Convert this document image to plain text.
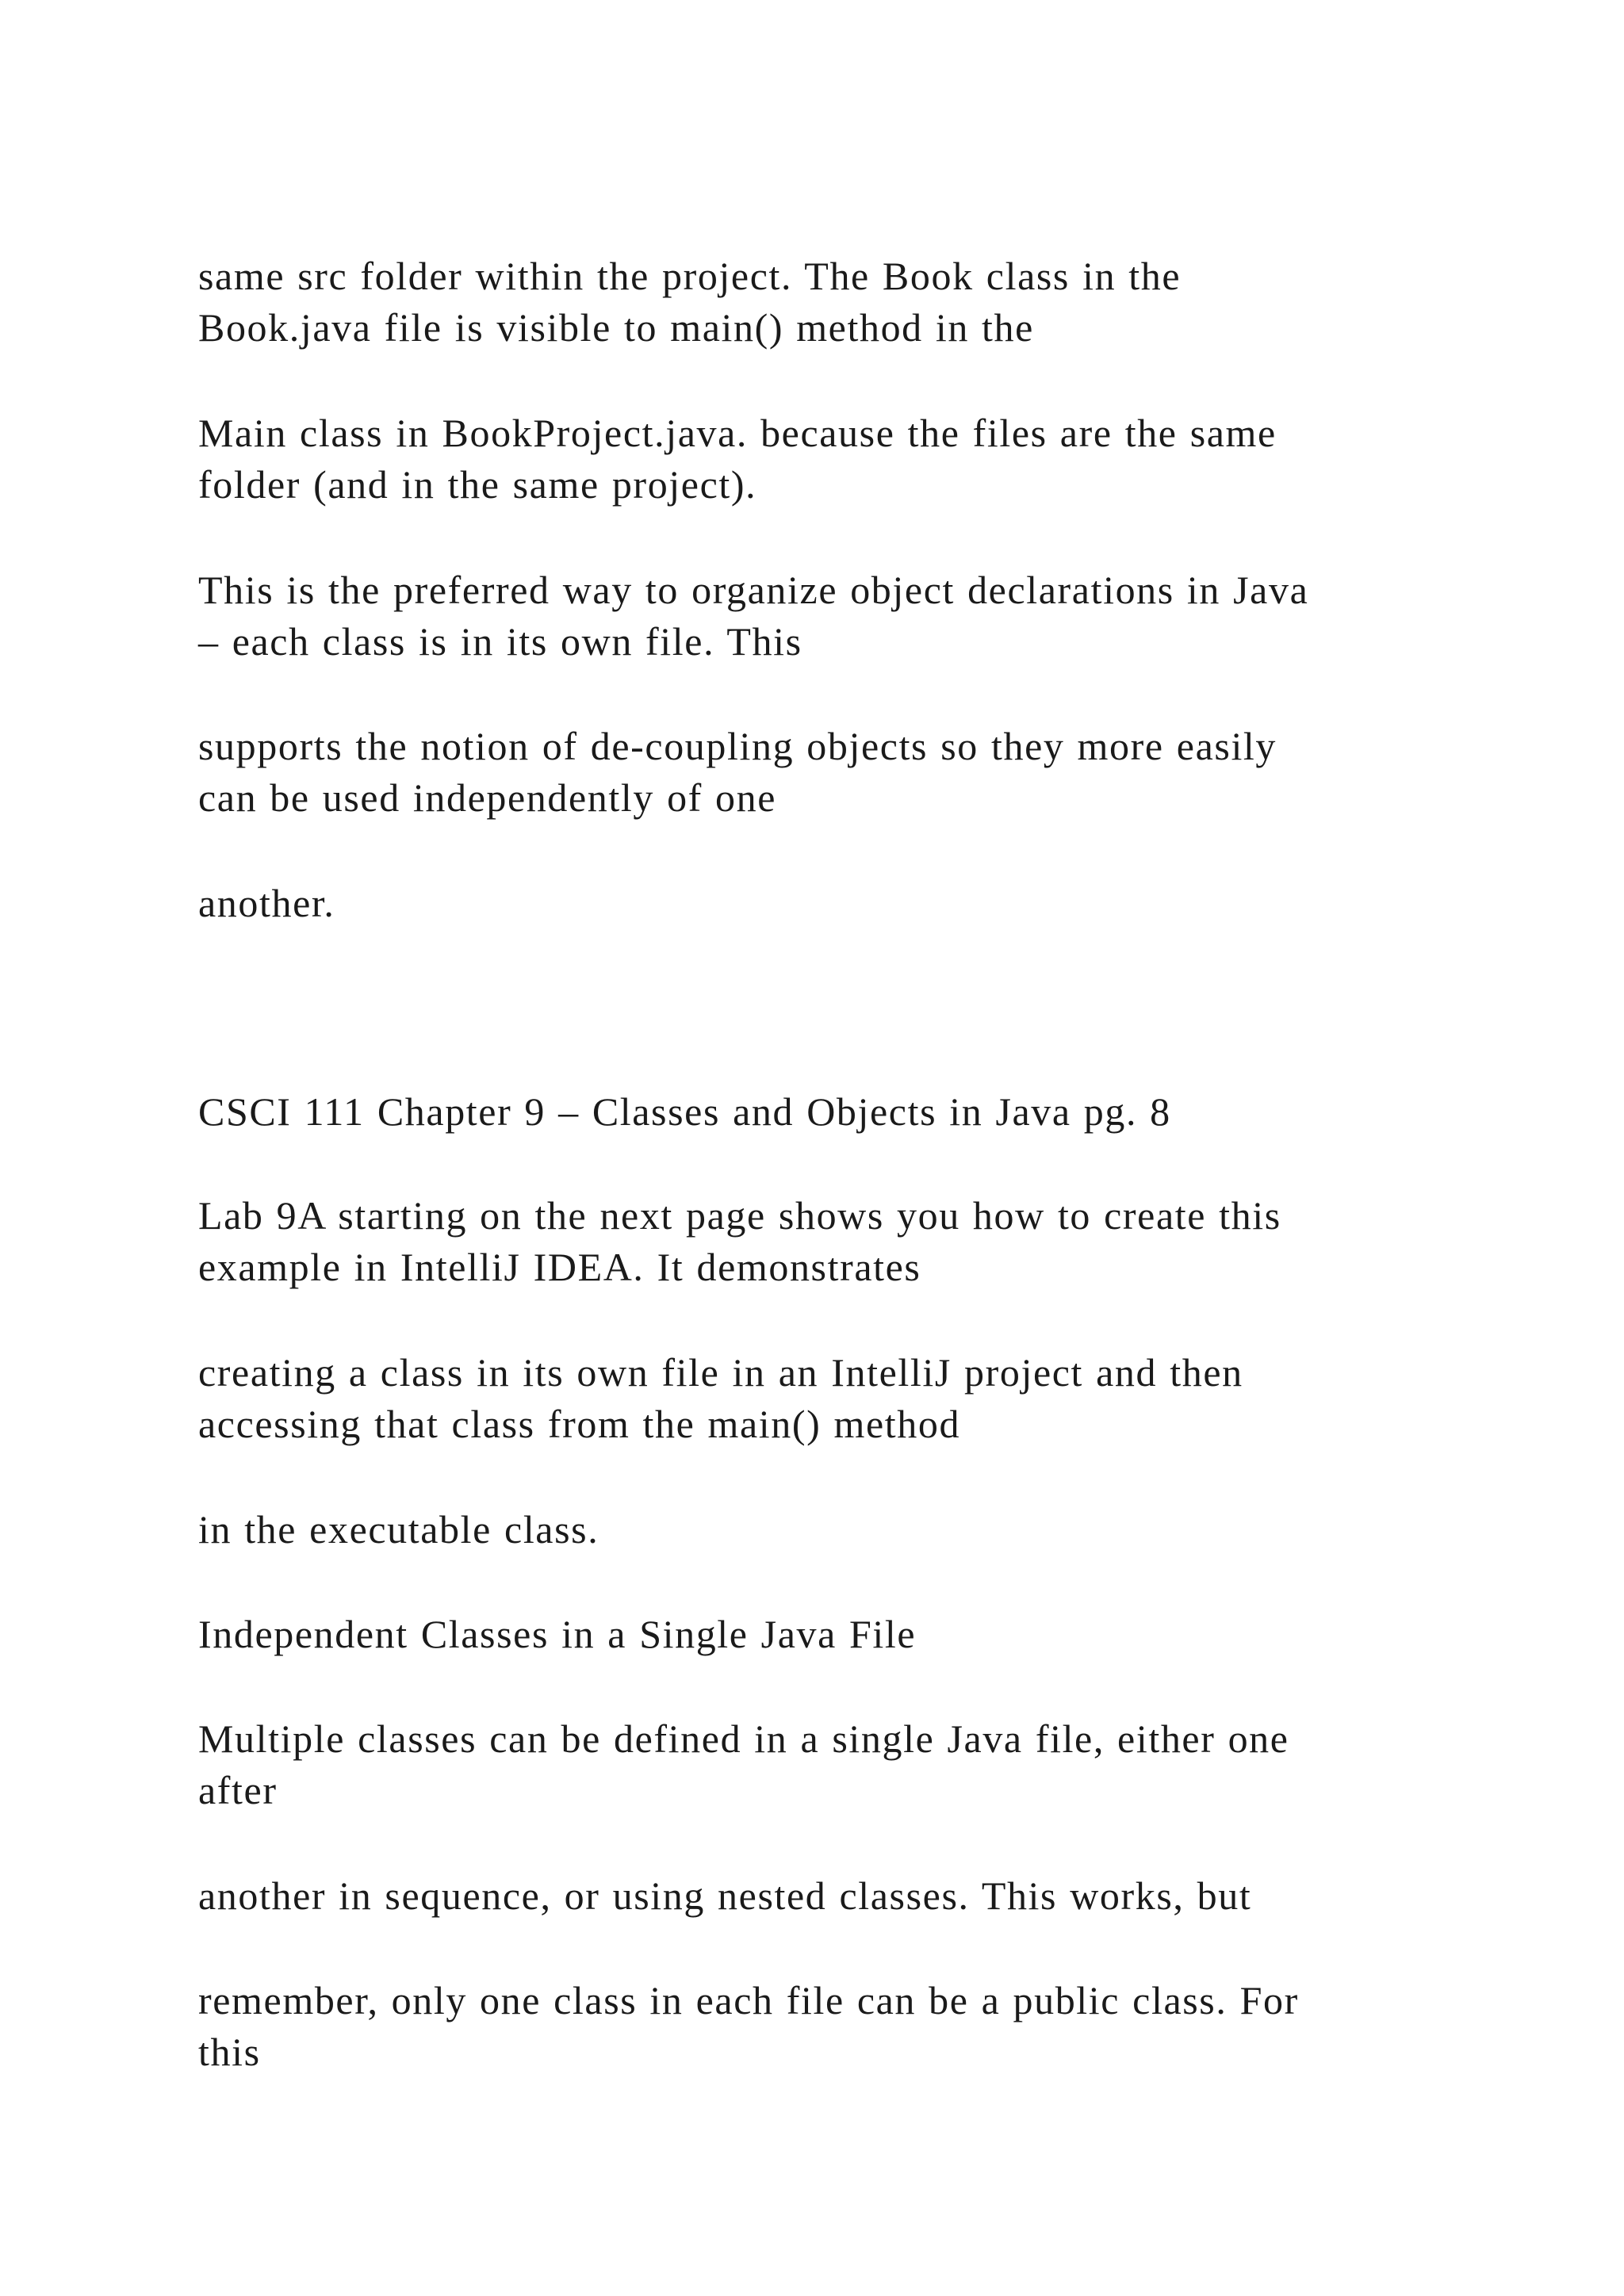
same src folder within the project. The Book class in the
Book.java file is visible to main() method in the
Main class in BookProject.java. because the files are the same
folder (and in the same project).
This is the preferred way to organize object declarations in Java
– each class is in its own file. This
supports the notion of de-coupling objects so they more easily
can be used independently of one
another.
CSCI 111 Chapter 9 – Classes and Objects in Java pg. 8
Lab 9A starting on the next page shows you how to create this
example in IntelliJ IDEA. It demonstrates
creating a class in its own file in an IntelliJ project and then
accessing that class from the main() method
in the executable class.
Independent Classes in a Single Java File
Multiple classes can be defined in a single Java file, either one
after
another in sequence, or using nested classes. This works, but
remember, only one class in each file can be a public class. For
this
